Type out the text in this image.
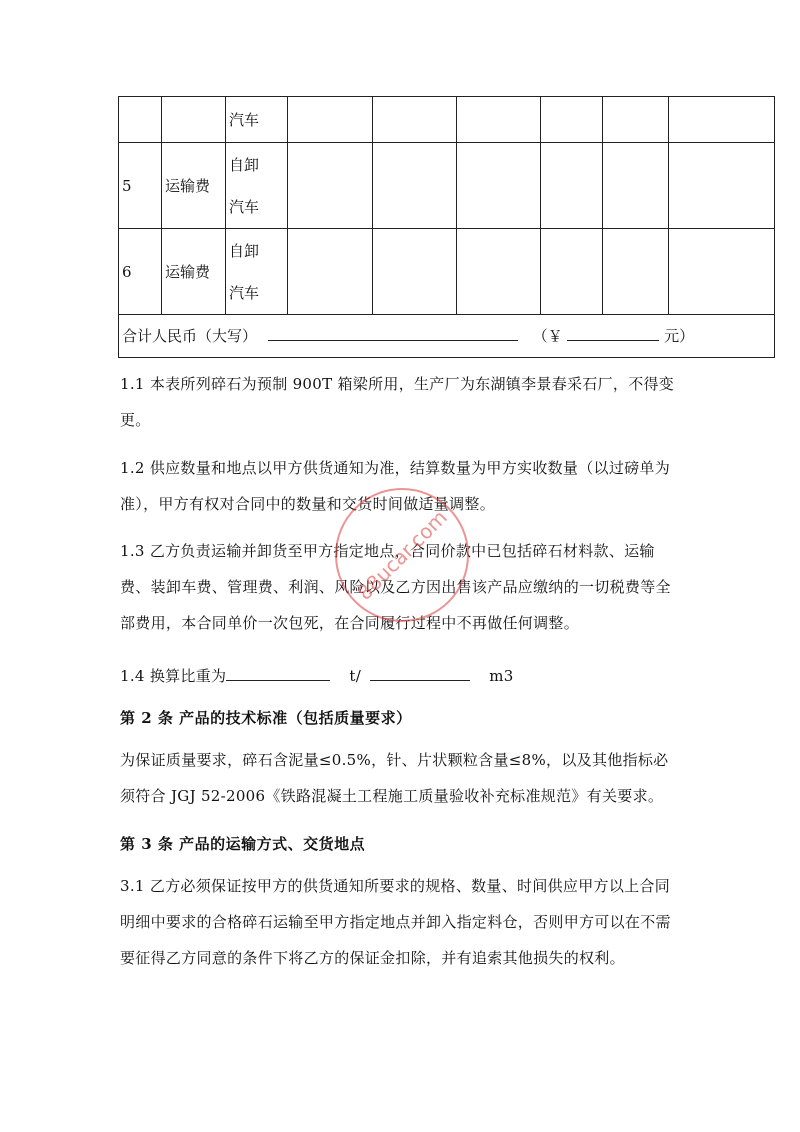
		汽车						
5	运输费	自卸
汽车						

6	运输费	自卸
汽车						

合计人民币（大写） （￥ 元）								

1.1 本表所列碎石为预制 900T 箱梁所用，生产厂为东湖镇李景春采石厂，不得变更。

1.2 供应数量和地点以甲方供货通知为准，结算数量为甲方实收数量（以过磅单为准），甲方有权对合同中的数量和交货时间做适量调整。

1.3 乙方负责运输并卸货至甲方指定地点，合同价款中已包括碎石材料款、运输费、装卸车费、管理费、利润、风险以及乙方因出售该产品应缴纳的一切税费等全部费用，本合同单价一次包死，在合同履行过程中不再做任何调整。

1.4 换算比重为	t/	m3
第 2 条 产品的技术标准（包括质量要求）

为保证质量要求，碎石含泥量≤0.5%，针、片状颗粒含量≤8%，以及其他指标必须符合 JGJ 52-2006《铁路混凝土工程施工质量验收补充标准规范》有关要求。

第 3 条 产品的运输方式、交货地点

3.1 乙方必须保证按甲方的供货通知所要求的规格、数量、时间供应甲方以上合同明细中要求的合格碎石运输至甲方指定地点并卸入指定料仓，否则甲方可以在不需要征得乙方同意的条件下将乙方的保证金扣除，并有追索其他损失的权利。

88ucar.com
